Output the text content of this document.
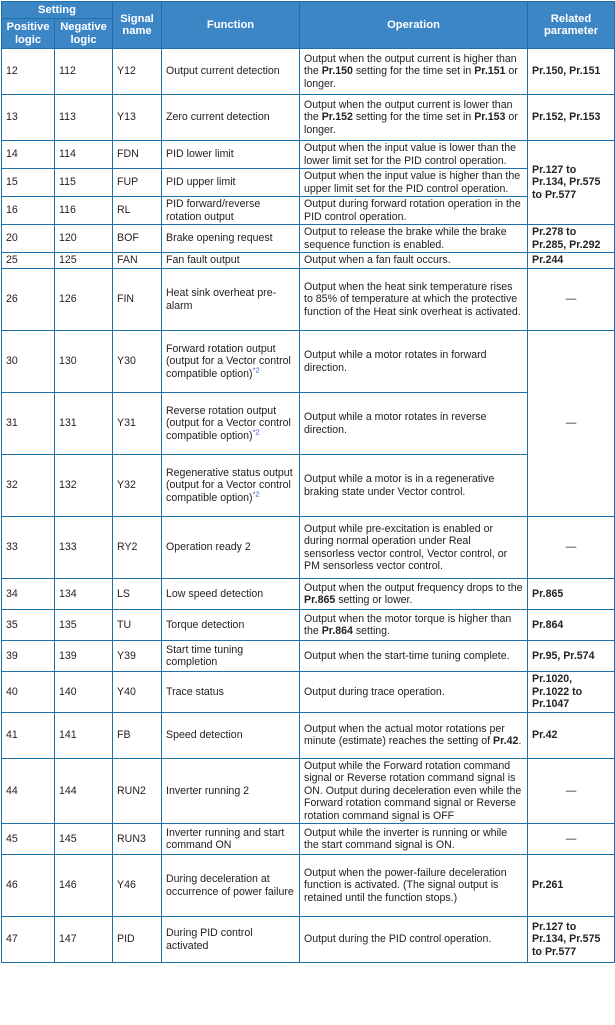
Setting		Signal name	Function	Operation	Related parameter
Positive logic	Negative logic				
12	112	Y12	Output current detection	Output when the output current is higher than the Pr.150 setting for the time set in Pr.151 or longer.	Pr.150, Pr.151
13	113	Y13	Zero current detection	Output when the output current is lower than the Pr.152 setting for the time set in Pr.153 or longer.	Pr.152, Pr.153
14	114	FDN	PID lower limit	Output when the input value is lower than the lower limit set for the PID control operation.	Pr.127 to Pr.134, Pr.575 to Pr.577
15	115	FUP	PID upper limit	Output when the input value is higher than the upper limit set for the PID control operation.	
16	116	RL	PID forward/reverse rotation output	Output during forward rotation operation in the PID control operation.	
20	120	BOF	Brake opening request	Output to release the brake while the brake sequence function is enabled.	Pr.278 to Pr.285, Pr.292
25	125	FAN	Fan fault output	Output when a fan fault occurs.	Pr.244
26	126	FIN	Heat sink overheat pre-alarm	Output when the heat sink temperature rises to 85% of temperature at which the protective function of the Heat sink overheat is activated.	—
30	130	Y30	Forward rotation output (output for a Vector control compatible option)$^{*2}$	Output while a motor rotates in forward direction.	—
31	131	Y31	Reverse rotation output (output for a Vector control compatible option)$^{*2}$	Output while a motor rotates in reverse direction.	
32	132	Y32	Regenerative status output (output for a Vector control compatible option)$^{*2}$	Output while a motor is in a regenerative braking state under Vector control.	
33	133	RY2	Operation ready 2	Output while pre-excitation is enabled or during normal operation under Real sensorless vector control, Vector control, or PM sensorless vector control.	—
34	134	LS	Low speed detection	Output when the output frequency drops to the Pr.865 setting or lower.	Pr.865
35	135	TU	Torque detection	Output when the motor torque is higher than the Pr.864 setting.	Pr.864
39	139	Y39	Start time tuning completion	Output when the start-time tuning complete.	Pr.95, Pr.574
40	140	Y40	Trace status	Output during trace operation.	Pr.1020, Pr.1022 to Pr.1047
41	141	FB	Speed detection	Output when the actual motor rotations per minute (estimate) reaches the setting of Pr.42.	Pr.42
44	144	RUN2	Inverter running 2	Output while the Forward rotation command signal or Reverse rotation command signal is ON. Output during deceleration even while the Forward rotation command signal or Reverse rotation command signal is OFF	—
45	145	RUN3	Inverter running and start command ON	Output while the inverter is running or while the start command signal is ON.	—
46	146	Y46	During deceleration at occurrence of power failure	Output when the power-failure deceleration function is activated. (The signal output is retained until the function stops.)	Pr.261
47	147	PID	During PID control activated	Output during the PID control operation.	Pr.127 to Pr.134, Pr.575 to Pr.577
